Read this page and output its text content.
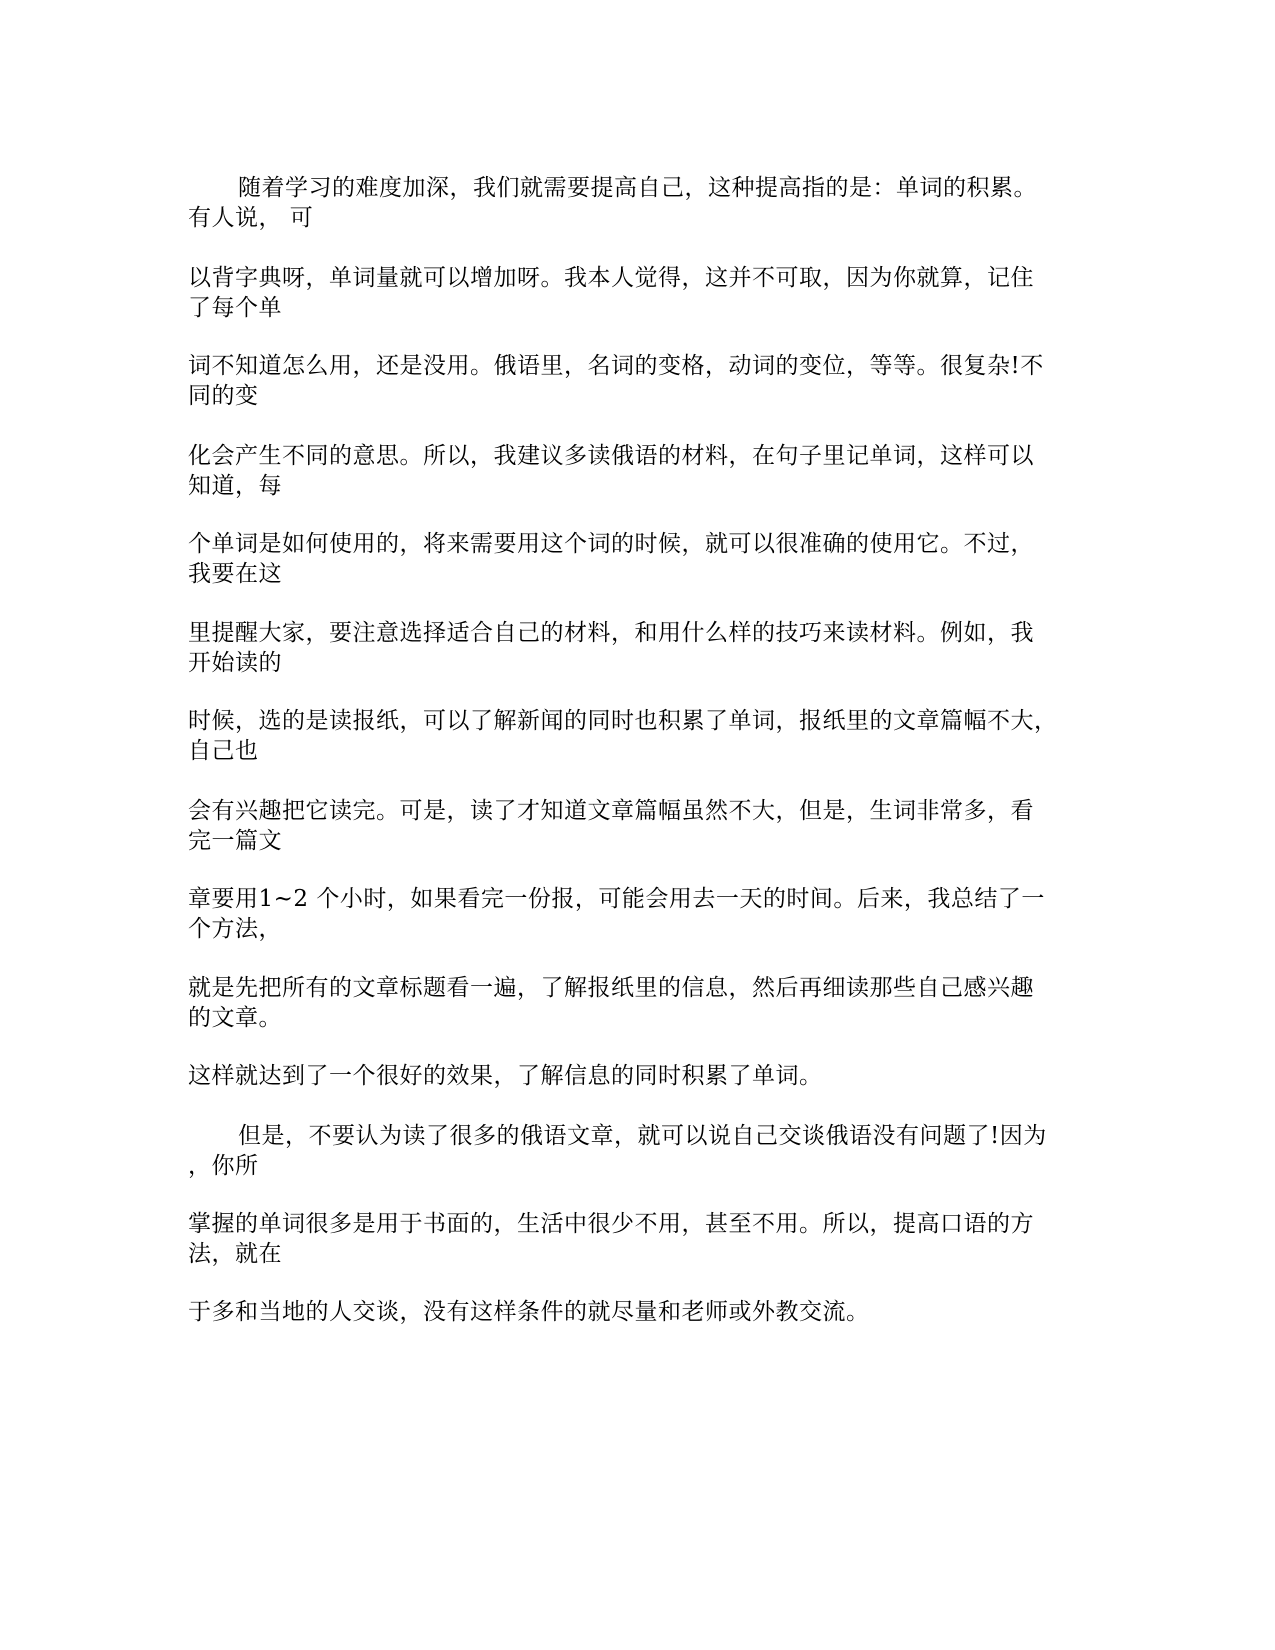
随着学习的难度加深，我们就需要提高自己，这种提高指的是：单词的积累。
有人说， 可
以背字典呀，单词量就可以增加呀。我本人觉得，这并不可取，因为你就算，记住
了每个单
词不知道怎么用，还是没用。俄语里，名词的变格，动词的变位，等等。很复杂!不
同的变
化会产生不同的意思。所以，我建议多读俄语的材料，在句子里记单词，这样可以
知道，每
个单词是如何使用的，将来需要用这个词的时候，就可以很准确的使用它。不过，
我要在这
里提醒大家，要注意选择适合自己的材料，和用什么样的技巧来读材料。例如，我
开始读的
时候，选的是读报纸，可以了解新闻的同时也积累了单词，报纸里的文章篇幅不大，
自己也
会有兴趣把它读完。可是，读了才知道文章篇幅虽然不大，但是，生词非常多，看
完一篇文
章要用1~2 个小时，如果看完一份报，可能会用去一天的时间。后来，我总结了一
个方法，
就是先把所有的文章标题看一遍，了解报纸里的信息，然后再细读那些自己感兴趣
的文章。
这样就达到了一个很好的效果，了解信息的同时积累了单词。
但是，不要认为读了很多的俄语文章，就可以说自己交谈俄语没有问题了!因为
，你所
掌握的单词很多是用于书面的，生活中很少不用，甚至不用。所以，提高口语的方
法，就在
于多和当地的人交谈，没有这样条件的就尽量和老师或外教交流。
